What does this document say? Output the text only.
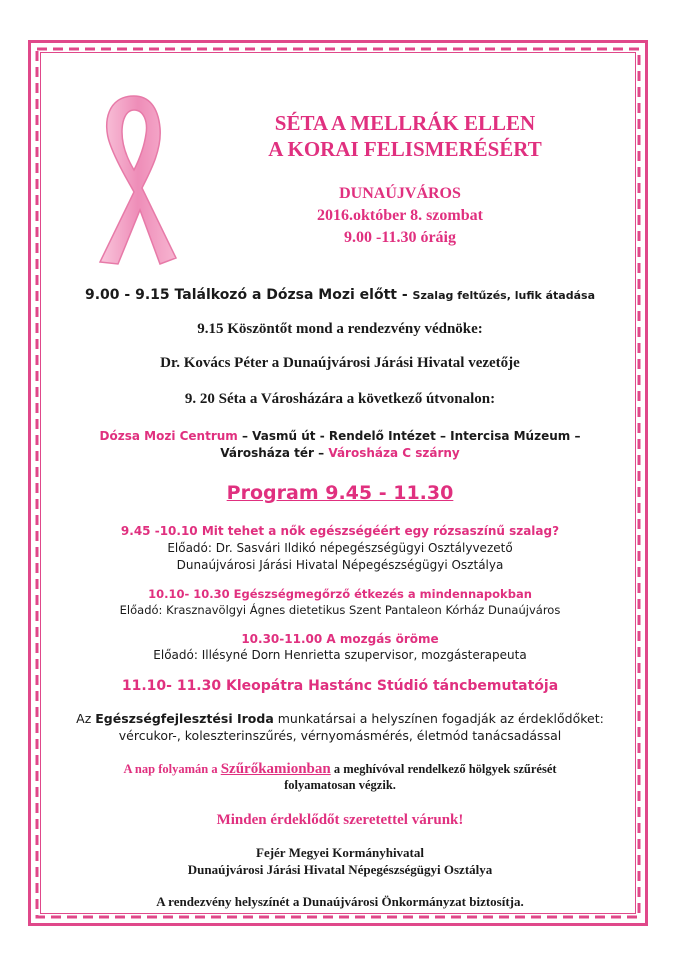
SÉTA A MELLRÁK ELLEN
A KORAI FELISMERÉSÉRT
DUNAÚJVÁROS
2016.október 8. szombat
9.00 -11.30 óráig
9.00 - 9.15 Találkozó a Dózsa Mozi előtt - Szalag feltűzés, lufik átadása
9.15 Köszöntőt mond a rendezvény védnöke:
Dr. Kovács Péter a Dunaújvárosi Járási Hivatal vezetője
9. 20 Séta a Városházára a következő útvonalon:
Dózsa Mozi Centrum – Vasmű út - Rendelő Intézet – Intercisa Múzeum –
Városháza tér – Városháza C szárny
Program 9.45 - 11.30
9.45 -10.10 Mit tehet a nők egészségéért egy rózsaszínű szalag?
Előadó: Dr. Sasvári Ildikó népegészségügyi Osztályvezető
Dunaújvárosi Járási Hivatal Népegészségügyi Osztálya
10.10- 10.30 Egészségmegőrző étkezés a mindennapokban
Előadó: Krasznavölgyi Ágnes dietetikus Szent Pantaleon Kórház Dunaújváros
10.30-11.00 A mozgás öröme
Előadó: Illésyné Dorn Henrietta szupervisor, mozgásterapeuta
11.10- 11.30 Kleopátra Hastánc Stúdió táncbemutatója
Az Egészségfejlesztési Iroda munkatársai a helyszínen fogadják az érdeklődőket:
vércukor-, koleszterinszűrés, vérnyomásmérés, életmód tanácsadással
A nap folyamán a Szűrőkamionban a meghívóval rendelkező hölgyek szűrését
folyamatosan végzik.
Minden érdeklődőt szeretettel várunk!
Fejér Megyei Kormányhivatal
Dunaújvárosi Járási Hivatal Népegészségügyi Osztálya
A rendezvény helyszínét a Dunaújvárosi Önkormányzat biztosítja.
